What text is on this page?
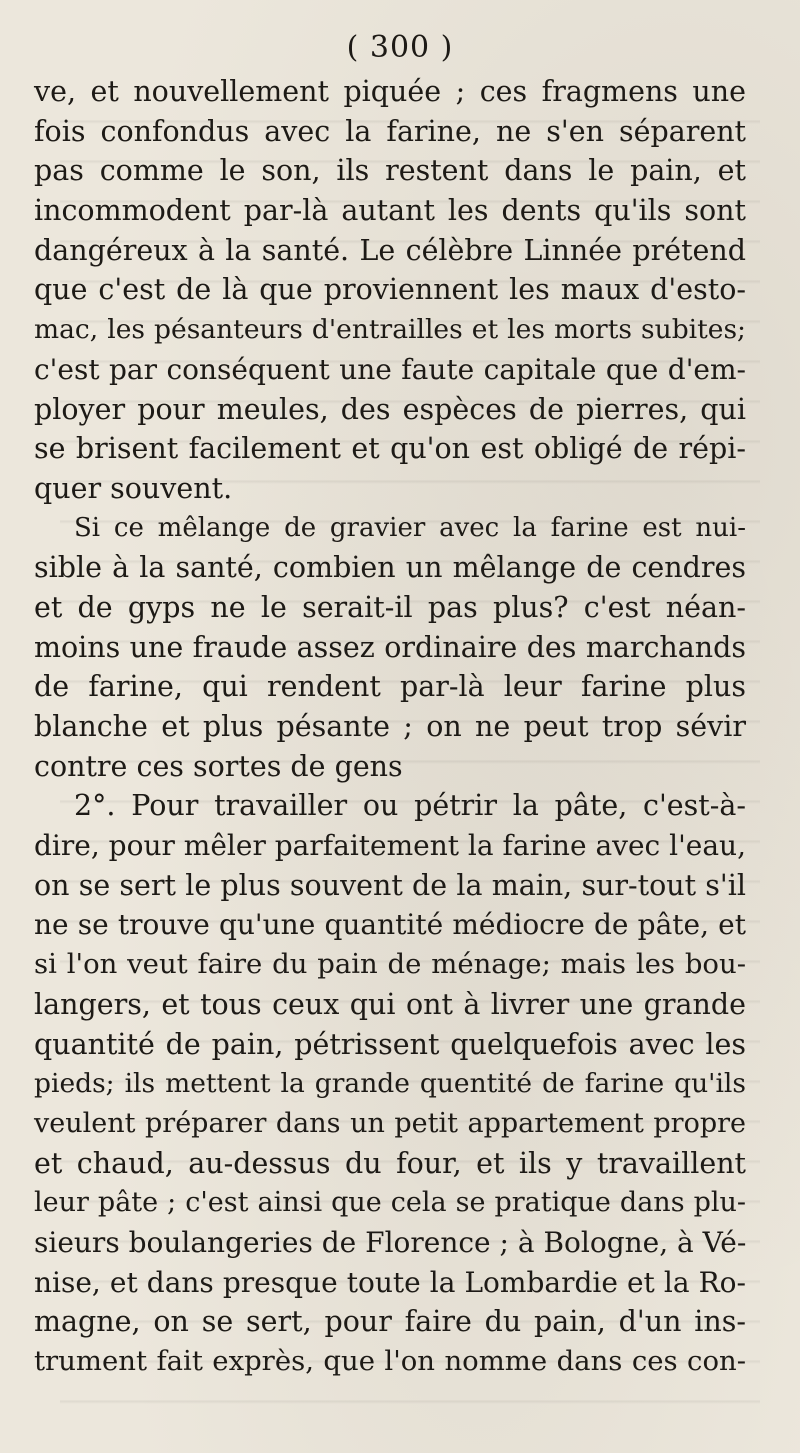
( 300 )
ve, et nouvellement piquée ; ces fragmens une
fois confondus avec la farine, ne s'en séparent
pas comme le son, ils restent dans le pain, et
incommodent par-là autant les dents qu'ils sont
dangéreux à la santé. Le célèbre Linnée prétend
que c'est de là que proviennent les maux d'esto-
mac, les pésanteurs d'entrailles et les morts subites;
c'est par conséquent une faute capitale que d'em-
ployer pour meules, des espèces de pierres, qui
se brisent facilement et qu'on est obligé de répi-
quer souvent.
Si ce mêlange de gravier avec la farine est nui-
sible à la santé, combien un mêlange de cendres
et de gyps ne le serait-il pas plus? c'est néan-
moins une fraude assez ordinaire des marchands
de farine, qui rendent par-là leur farine plus
blanche et plus pésante ; on ne peut trop sévir
contre ces sortes de gens
2°. Pour travailler ou pétrir la pâte, c'est-à-
dire, pour mêler parfaitement la farine avec l'eau,
on se sert le plus souvent de la main, sur-tout s'il
ne se trouve qu'une quantité médiocre de pâte, et
si l'on veut faire du pain de ménage; mais les bou-
langers, et tous ceux qui ont à livrer une grande
quantité de pain, pétrissent quelquefois avec les
pieds; ils mettent la grande quentité de farine qu'ils
veulent préparer dans un petit appartement propre
et chaud, au-dessus du four, et ils y travaillent
leur pâte ; c'est ainsi que cela se pratique dans plu-
sieurs boulangeries de Florence ; à Bologne, à Vé-
nise, et dans presque toute la Lombardie et la Ro-
magne, on se sert, pour faire du pain, d'un ins-
trument fait exprès, que l'on nomme dans ces con-
